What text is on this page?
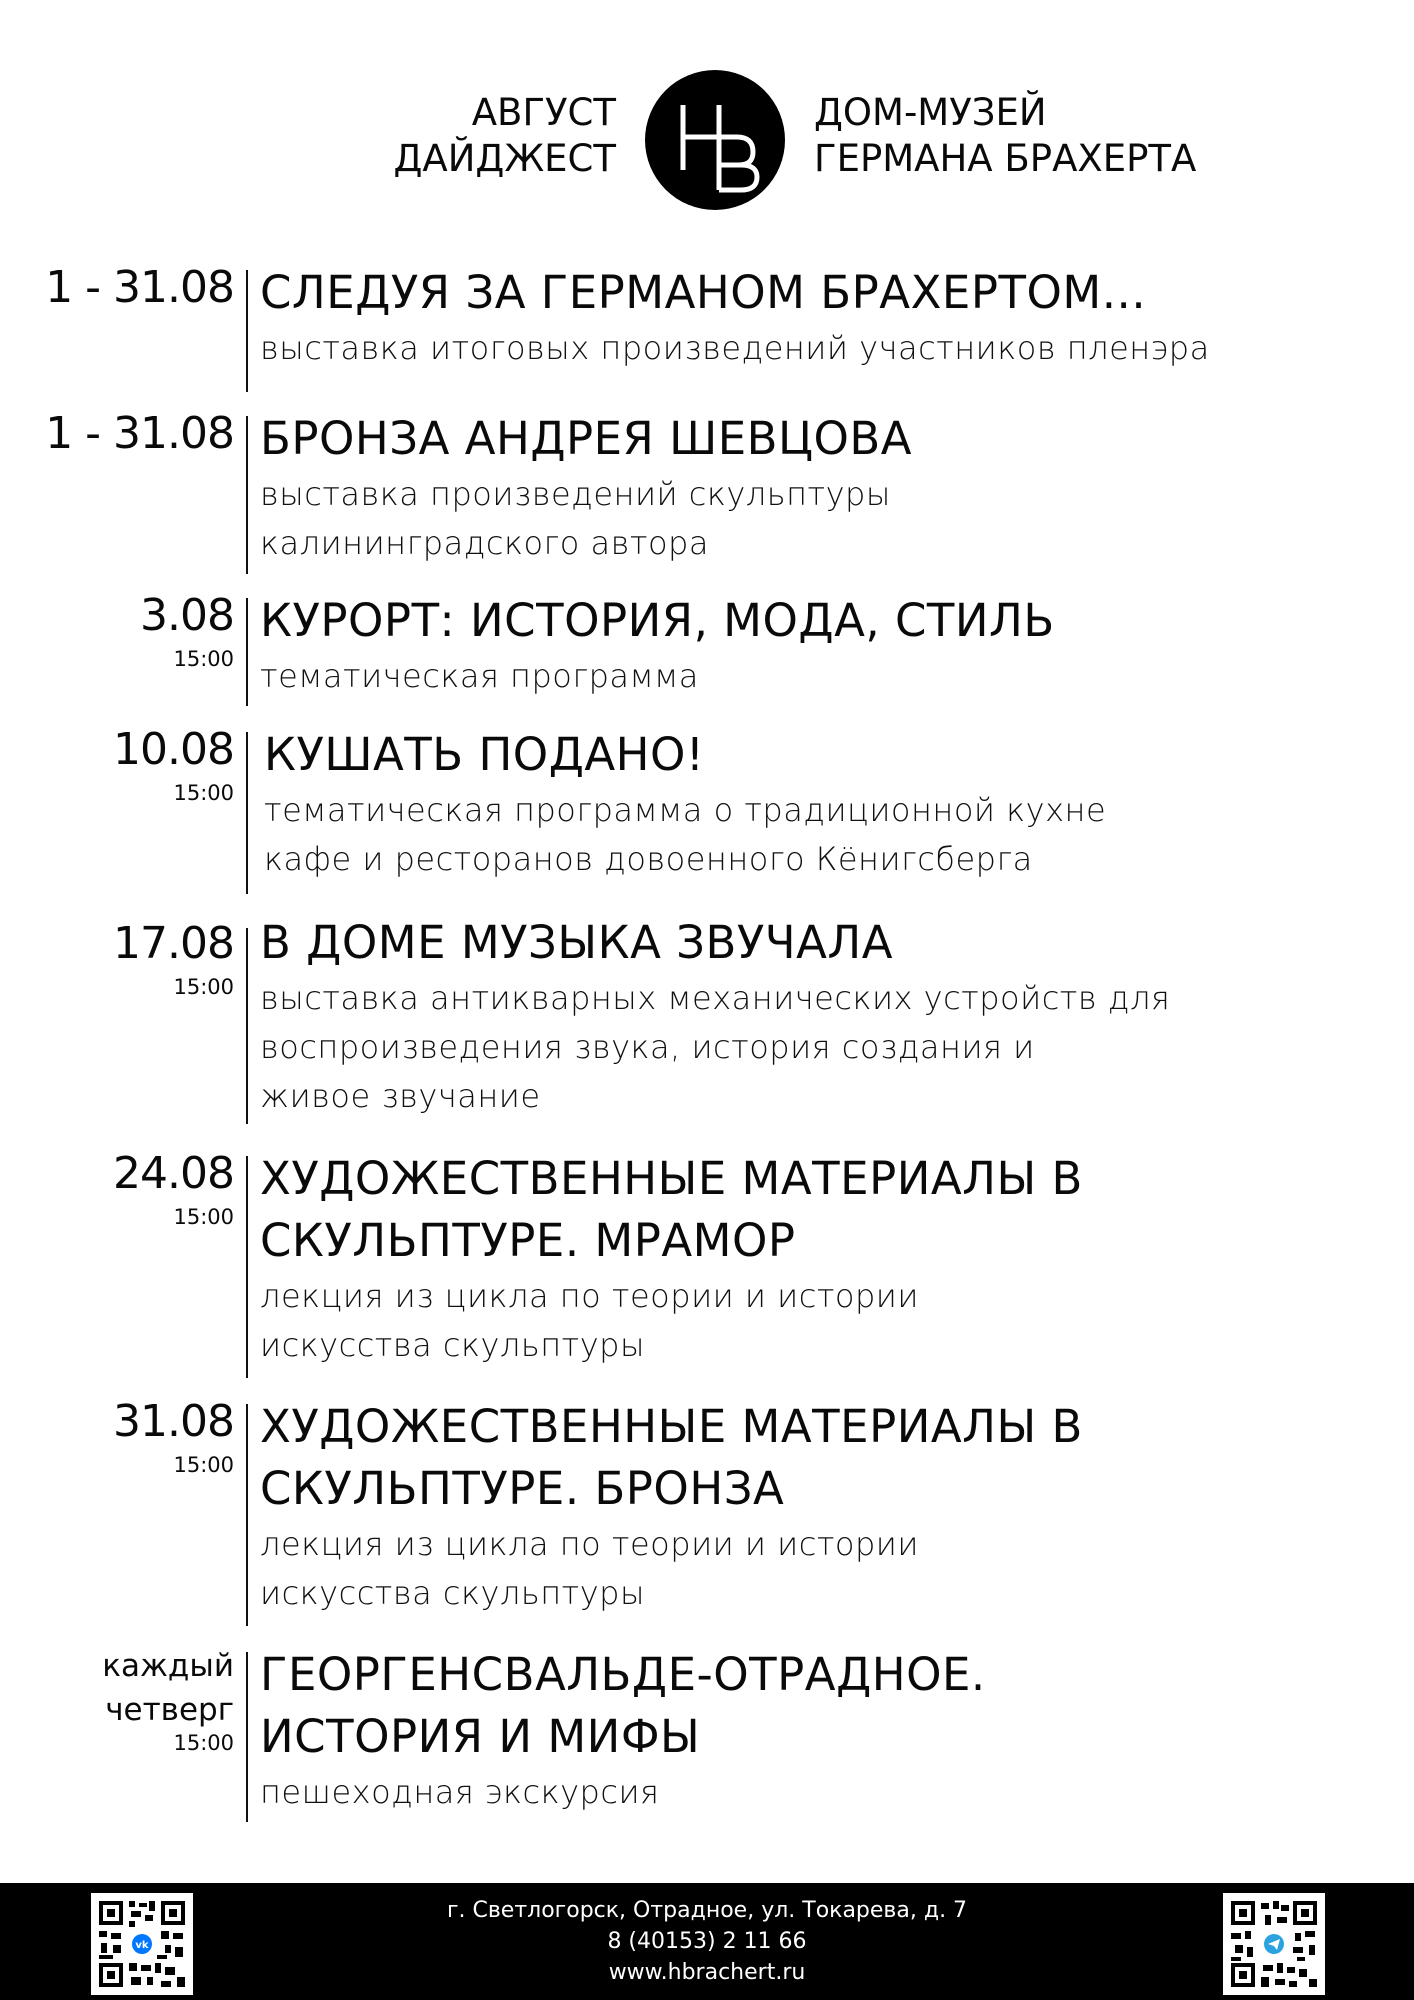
АВГУСТ
ДАЙДЖЕСТ
ДОМ-МУЗЕЙ
ГЕРМАНА БРАХЕРТА
1 - 31.08 СЛЕДУЯ ЗА ГЕРМАНОМ БРАХЕРТОМ...
выставка итоговых произведений участников пленэра
1 - 31.08 БРОНЗА АНДРЕЯ ШЕВЦОВА
выставка произведений скульптуры
калининградского автора
3.08
15:00
КУРОРТ: ИСТОРИЯ, МОДА, СТИЛЬ
тематическая программа
10.08
15:00
КУШАТЬ ПОДАНО!
тематическая программа о традиционной кухне
кафе и ресторанов довоенного Кёнигсберга
17.08
15:00
В ДОМЕ МУЗЫКА ЗВУЧАЛА
выставка антикварных механических устройств для
воспроизведения звука, история создания и
живое звучание
24.08
15:00
ХУДОЖЕСТВЕННЫЕ МАТЕРИАЛЫ В
СКУЛЬПТУРЕ. МРАМОР
лекция из цикла по теории и истории
искусства скульптуры
31.08
15:00
ХУДОЖЕСТВЕННЫЕ МАТЕРИАЛЫ В
СКУЛЬПТУРЕ. БРОНЗА
лекция из цикла по теории и истории
искусства скульптуры
каждый
четверг
15:00
ГЕОРГЕНСВАЛЬДЕ-ОТРАДНОЕ.
ИСТОРИЯ И МИФЫ
пешеходная экскурсия
vk
г. Светлогорск, Отрадное, ул. Токарева, д. 7
8 (40153) 2 11 66
www.hbrachert.ru
